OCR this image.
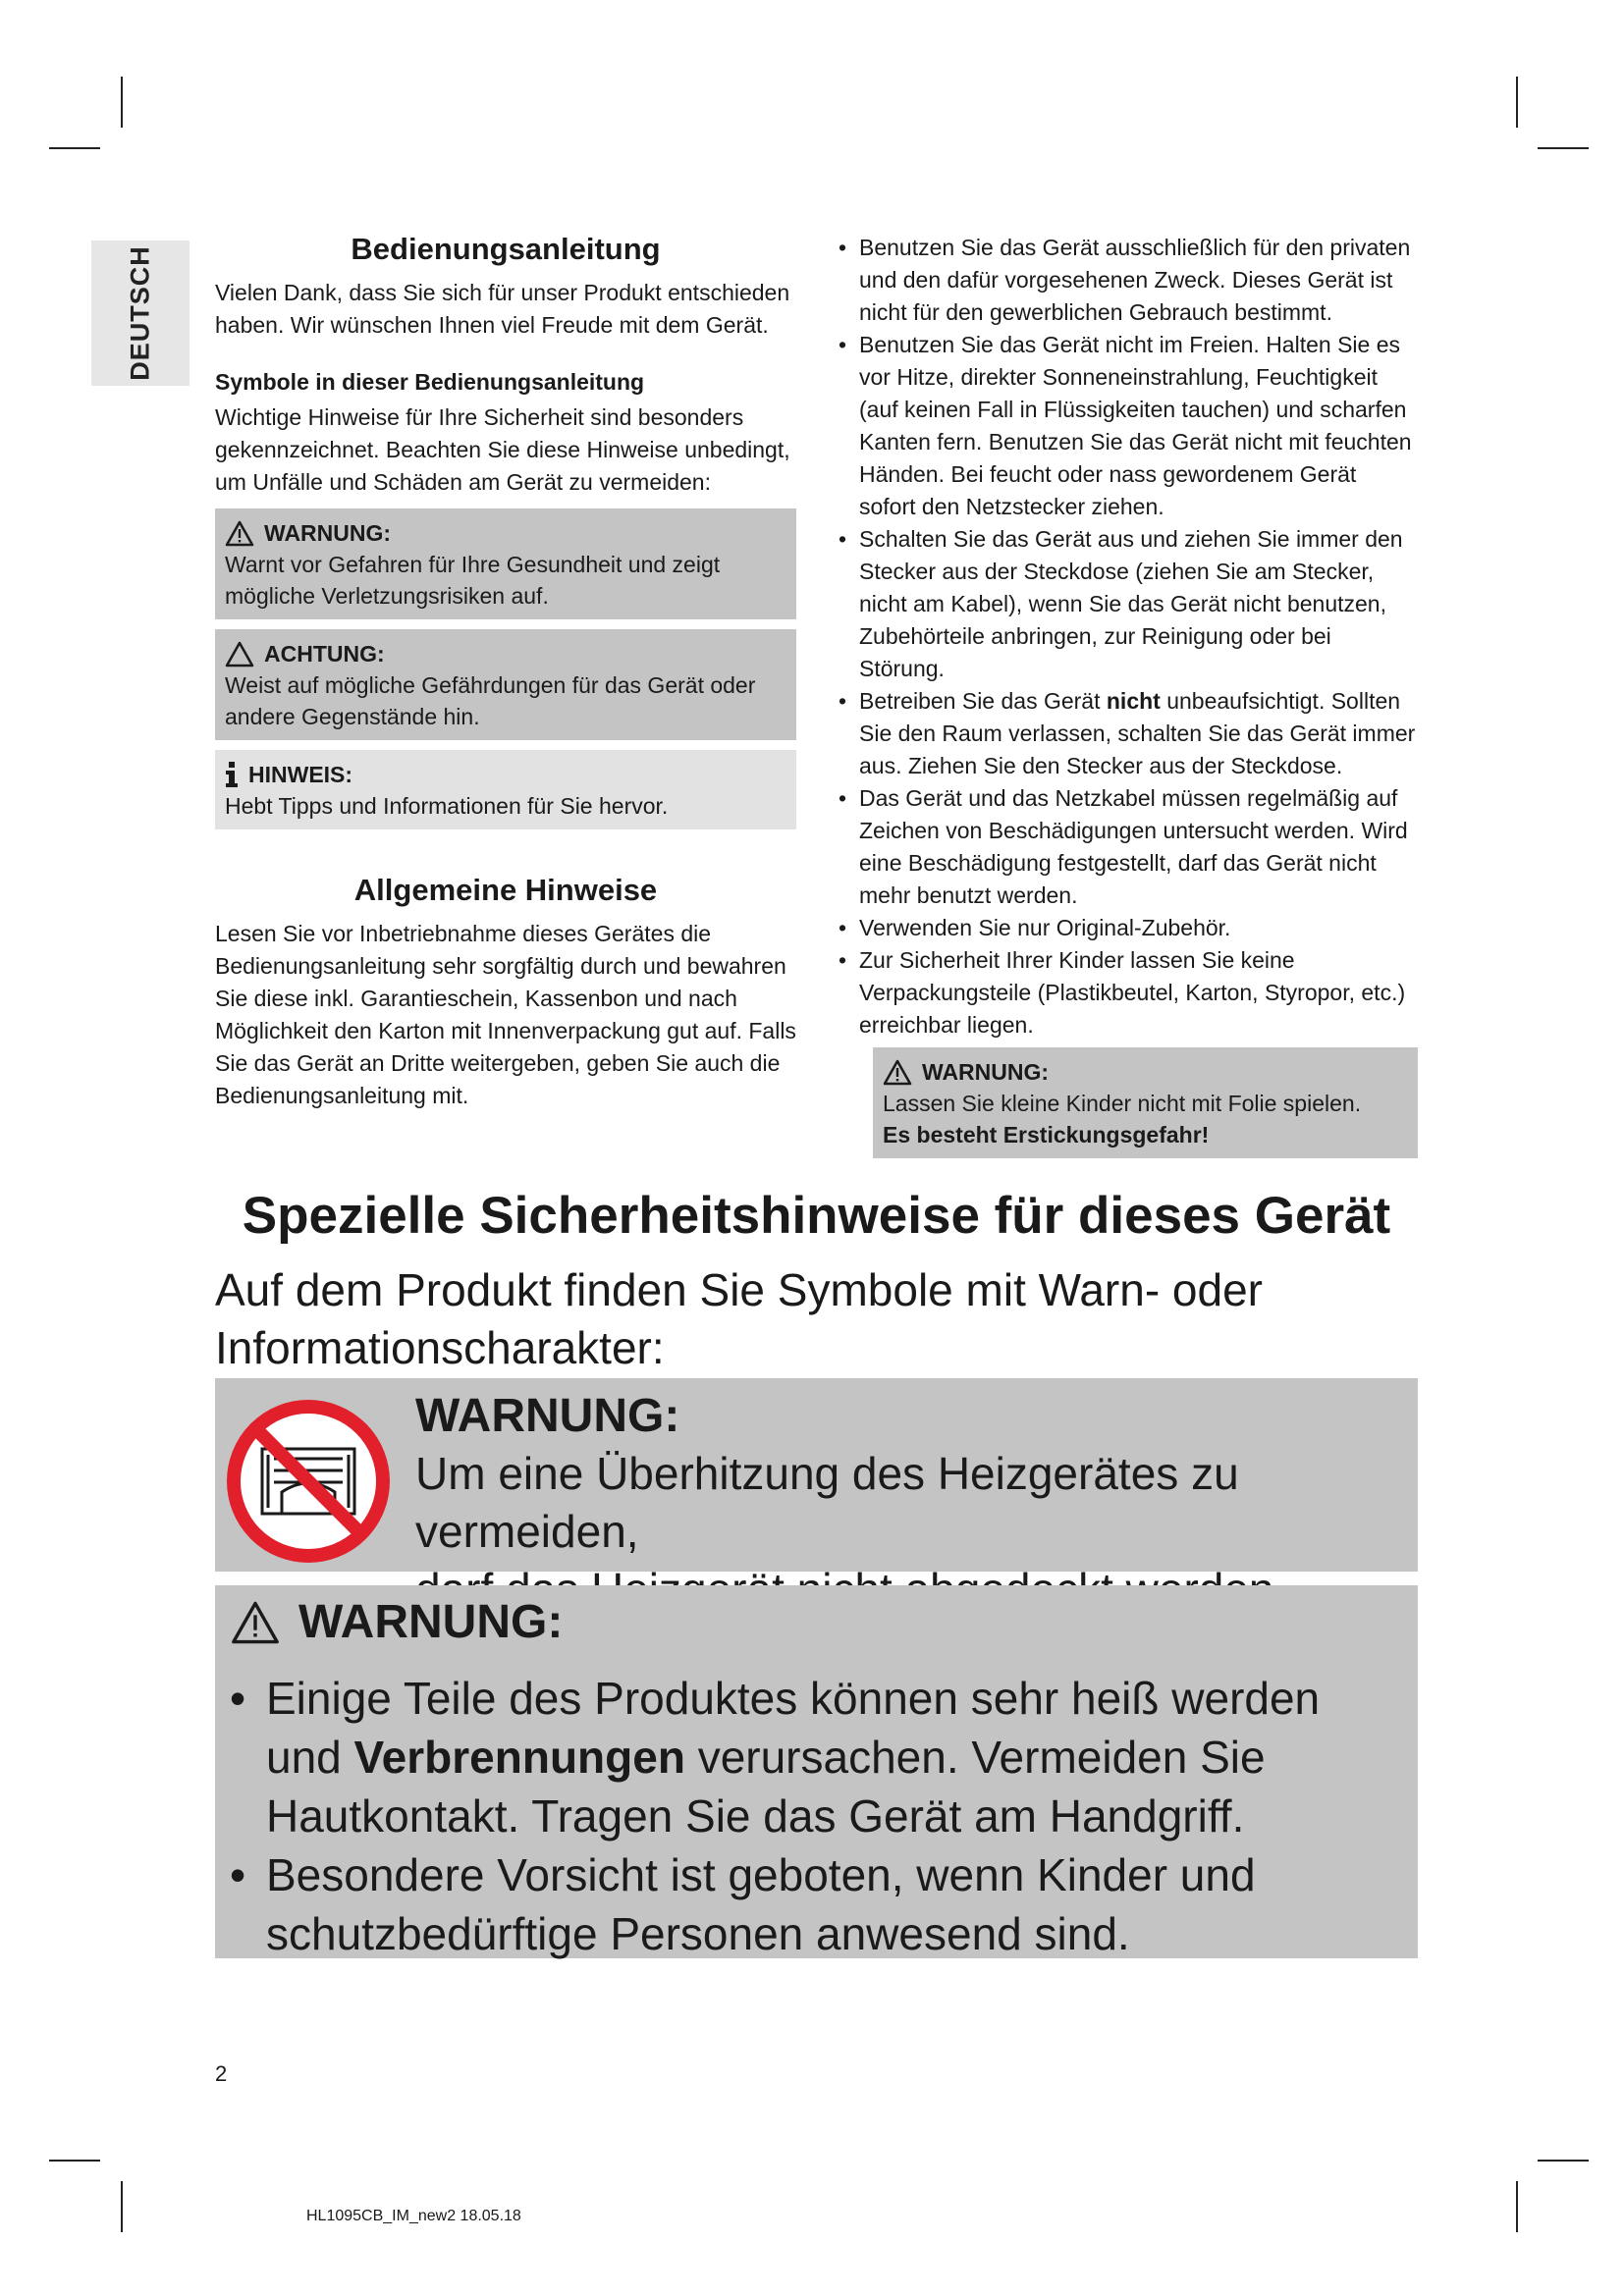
DEUTSCH	Bedienungsanleitung

Vielen Dank, dass Sie sich für unser Produkt entschieden haben. Wir wünschen Ihnen viel Freude mit dem Gerät.

Symbole in dieser Bedienungsanleitung

Wichtige Hinweise für Ihre Sicherheit sind besonders gekennzeichnet. Beachten Sie diese Hinweise unbedingt, um Unfälle und Schäden am Gerät zu vermeiden:

WARNUNG:
Warnt vor Gefahren für Ihre Gesundheit und zeigt mögliche Verletzungsrisiken auf.
ACHTUNG:
Weist auf mögliche Gefährdungen für das Gerät oder andere Gegenstände hin.
HINWEIS:
Hebt Tipps und Informationen für Sie hervor.
Allgemeine Hinweise

Lesen Sie vor Inbetriebnahme dieses Gerätes die Bedienungsanleitung sehr sorgfältig durch und bewahren Sie diese inkl. Garantieschein, Kassenbon und nach Möglichkeit den Karton mit Innenverpackung gut auf. Falls Sie das Gerät an Dritte weitergeben, geben Sie auch die Bedienungsanleitung mit.

• Benutzen Sie das Gerät ausschließlich für den privaten und den dafür vorgesehenen Zweck. Dieses Gerät ist nicht für den gewerblichen Gebrauch bestimmt.
• Benutzen Sie das Gerät nicht im Freien. Halten Sie es vor Hitze, direkter Sonneneinstrahlung, Feuchtigkeit (auf keinen Fall in Flüssigkeiten tauchen) und scharfen Kanten fern. Benutzen Sie das Gerät nicht mit feuchten Händen. Bei feucht oder nass gewordenem Gerät sofort den Netzstecker ziehen.
• Schalten Sie das Gerät aus und ziehen Sie immer den Stecker aus der Steckdose (ziehen Sie am Stecker, nicht am Kabel), wenn Sie das Gerät nicht benutzen, Zubehörteile anbringen, zur Reinigung oder bei Störung.
• Betreiben Sie das Gerät nicht unbeaufsichtigt. Sollten Sie den Raum verlassen, schalten Sie das Gerät immer aus. Ziehen Sie den Stecker aus der Steckdose.
• Das Gerät und das Netzkabel müssen regelmäßig auf Zeichen von Beschädigungen untersucht werden. Wird eine Beschädigung festgestellt, darf das Gerät nicht mehr benutzt werden.
• Verwenden Sie nur Original-Zubehör.
• Zur Sicherheit Ihrer Kinder lassen Sie keine Verpackungsteile (Plastikbeutel, Karton, Styropor, etc.) erreichbar liegen.
WARNUNG:
Lassen Sie kleine Kinder nicht mit Folie spielen.
Es besteht Erstickungsgefahr!
Spezielle Sicherheitshinweise für dieses Gerät

Auf dem Produkt finden Sie Symbole mit Warn- oder Informationscharakter:

WARNUNG:
Um eine Überhitzung des Heizgerätes zu vermeiden,
WARNUNG:
• Einige Teile des Produktes können sehr heiß werden und Verbrennungen verursachen. Vermeiden Sie Hautkontakt. Tragen Sie das Gerät am Handgriff.
• Besondere Vorsicht ist geboten, wenn Kinder und schutzbedürftige Personen anwesend sind.
2
HL1095CB_IM_new2 18.05.18
